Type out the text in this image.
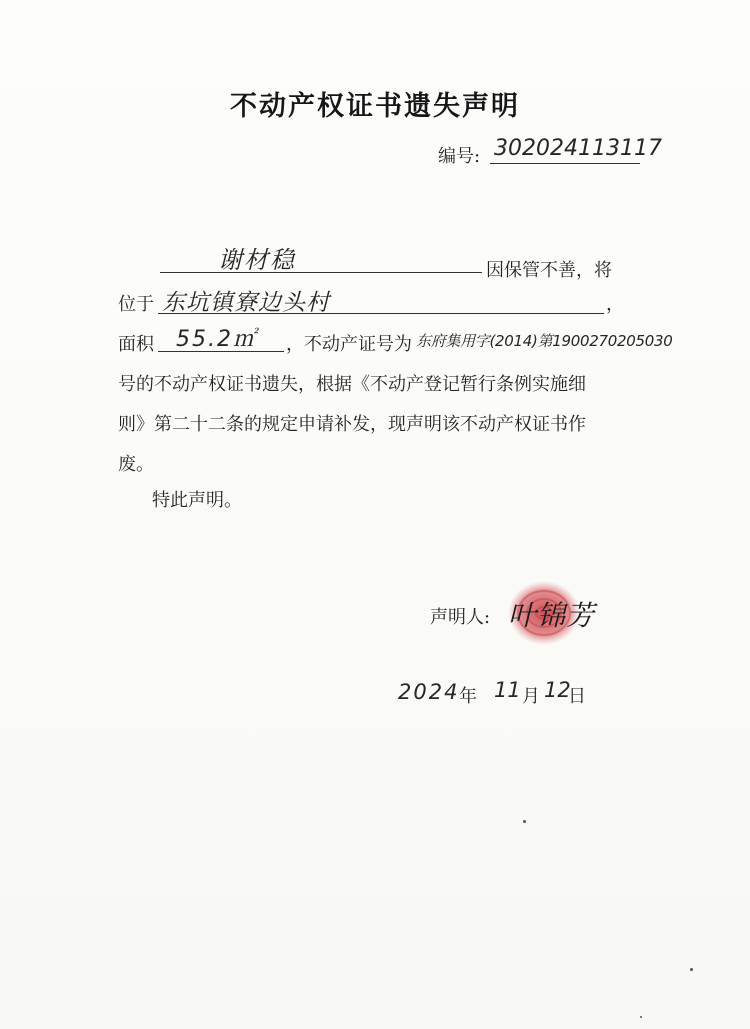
不动产权证书遗失声明
编号: 302024113117
谢材稳	因保管不善，将
位于 东坑镇寮边头村	，
面积 55.2㎡ ，不动产证号为 东府集用字(2014)第1900270205030
号的不动产权证书遗失，根据《不动产登记暂行条例实施细
则》第二十二条的规定申请补发，现声明该不动产权证书作
废。
特此声明。
声明人: 叶锦芳
2024 年 11 月 12
日
